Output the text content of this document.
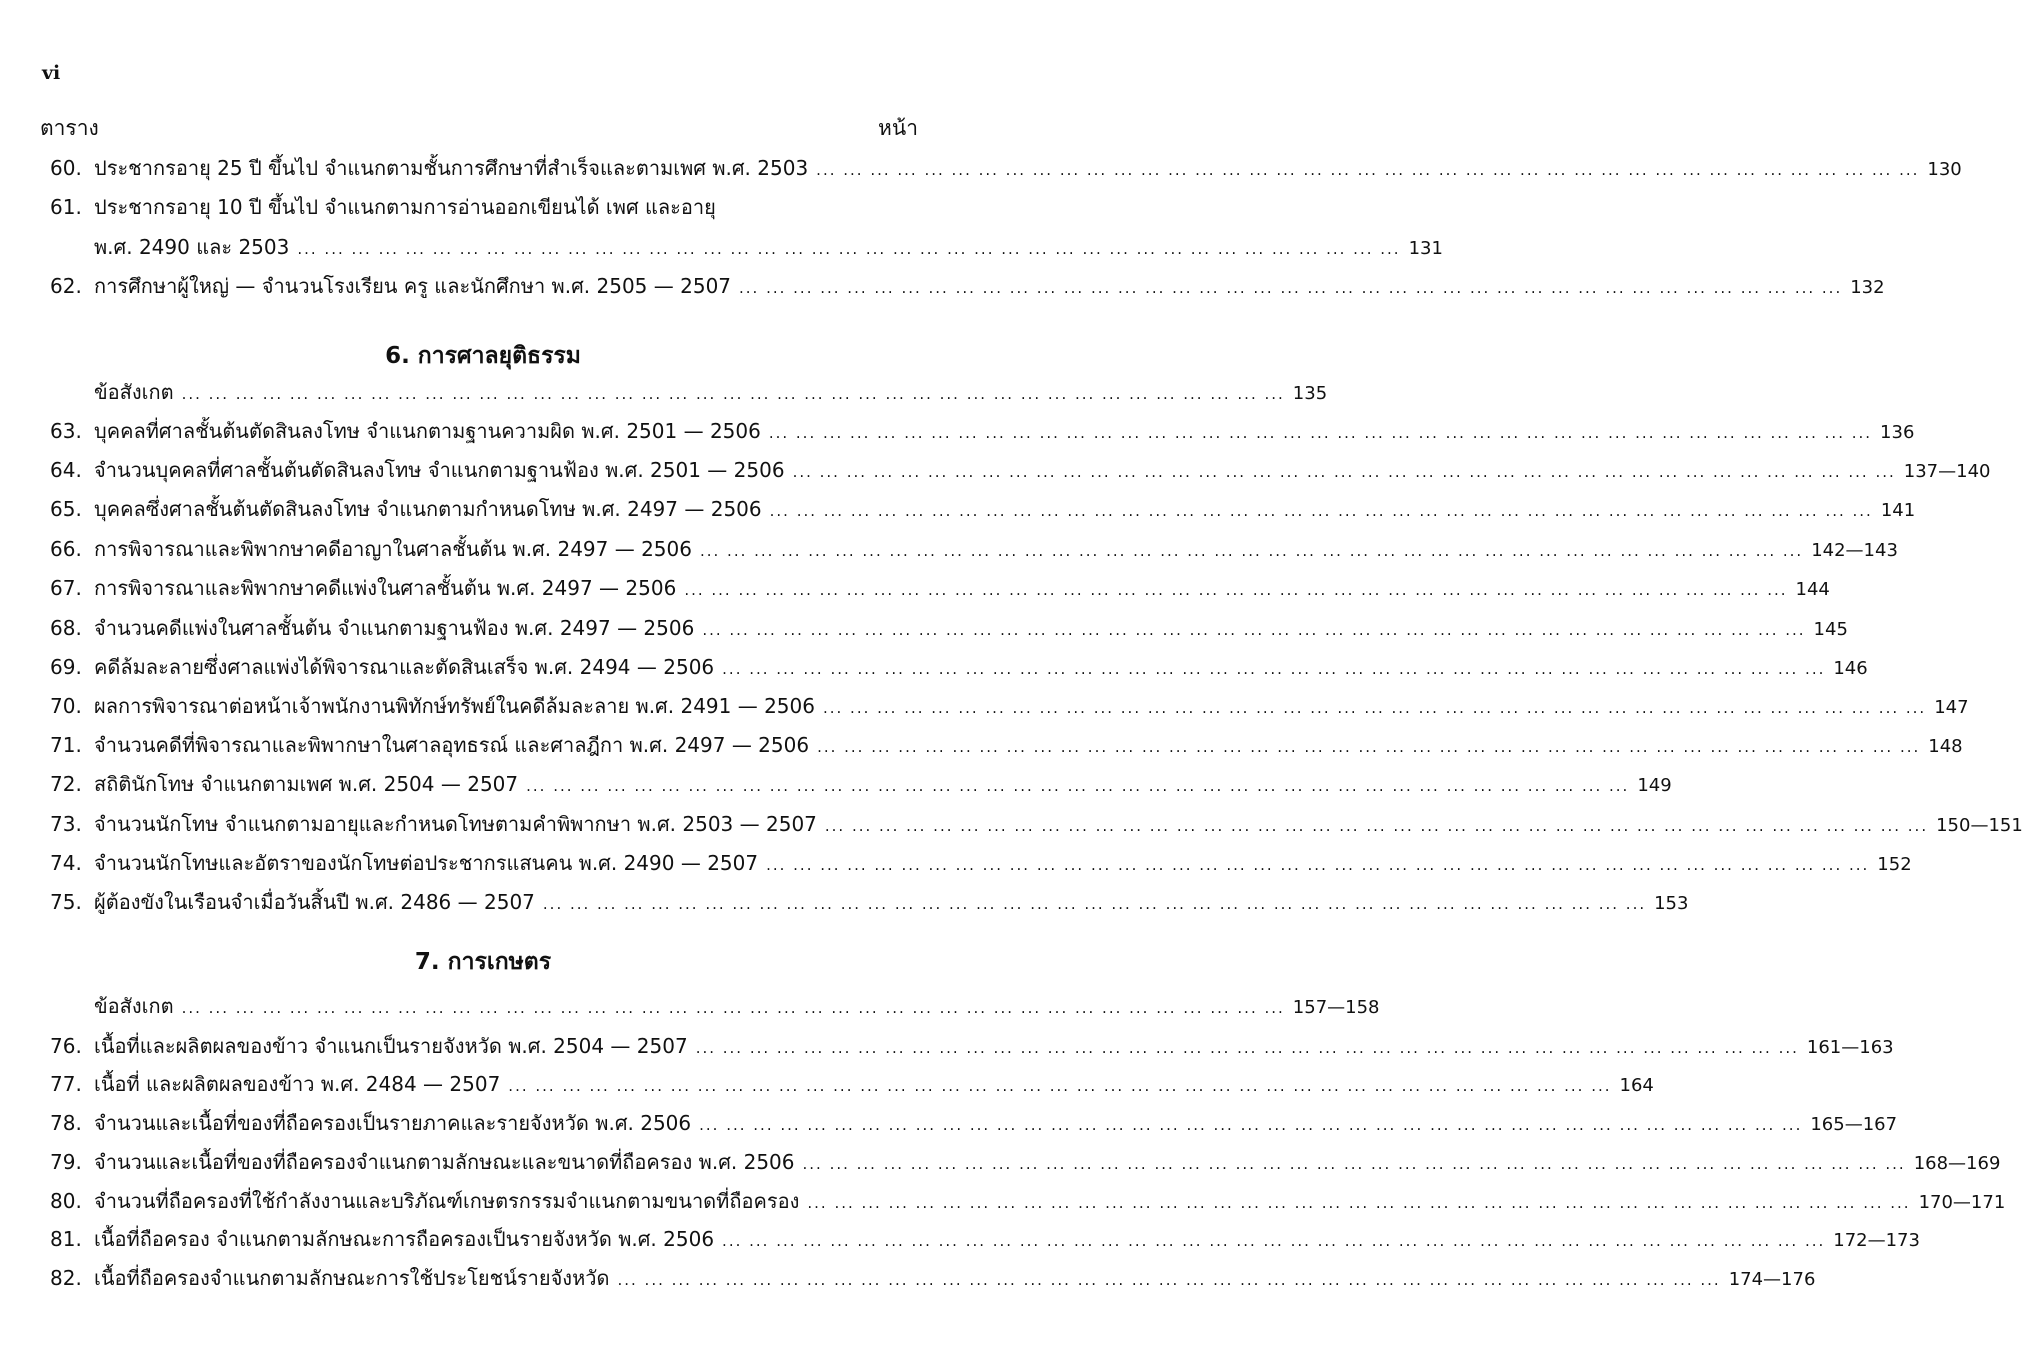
vi
ตาราง	หน้า
60. ประชากรอายุ 25 ปี ขึ้นไป จำแนกตามชั้นการศึกษาที่สำเร็จและตามเพศ พ.ศ. 2503 ... .	130
61. ประชากรอายุ 10 ปี ขึ้นไป จำแนกตามการอ่านออกเขียนได้ เพศ และอายุ
พ.ศ. 2490 และ 2503 ... .	131
62. การศึกษาผู้ใหญ่ — จำนวนโรงเรียน ครู และนักศึกษา พ.ศ. 2505 — 2507 ... .	132
6. การศาลยุติธรรม
ข้อสังเกต ... .	135
63. บุคคลที่ศาลชั้นต้นตัดสินลงโทษ จำแนกตามฐานความผิด พ.ศ. 2501 — 2506 ... .	136
64. จำนวนบุคคลที่ศาลชั้นต้นตัดสินลงโทษ จำแนกตามฐานฟ้อง พ.ศ. 2501 — 2506 ... .	137—140
65. บุคคลซึ่งศาลชั้นต้นตัดสินลงโทษ จำแนกตามกำหนดโทษ พ.ศ. 2497 — 2506 ... .	141
66. การพิจารณาและพิพากษาคดีอาญาในศาลชั้นต้น พ.ศ. 2497 — 2506 ... .	142—143
67. การพิจารณาและพิพากษาคดีแพ่งในศาลชั้นต้น พ.ศ. 2497 — 2506 ... .	144
68. จำนวนคดีแพ่งในศาลชั้นต้น จำแนกตามฐานฟ้อง พ.ศ. 2497 — 2506 ... .	145
69. คดีล้มละลายซึ่งศาลแพ่งได้พิจารณาและตัดสินเสร็จ พ.ศ. 2494 — 2506 ... .	146
70. ผลการพิจารณาต่อหน้าเจ้าพนักงานพิทักษ์ทรัพย์ในคดีล้มละลาย พ.ศ. 2491 — 2506 ... .	147
71. จำนวนคดีที่พิจารณาและพิพากษาในศาลอุทธรณ์ และศาลฎีกา พ.ศ. 2497 — 2506 ... .	148
72. สถิตินักโทษ จำแนกตามเพศ พ.ศ. 2504 — 2507 ... .	149
73. จำนวนนักโทษ จำแนกตามอายุและกำหนดโทษตามคำพิพากษา พ.ศ. 2503 — 2507 ... .	150—151
74. จำนวนนักโทษและอัตราของนักโทษต่อประชากรแสนคน พ.ศ. 2490 — 2507 ... .	152
75. ผู้ต้องขังในเรือนจำเมื่อวันสิ้นปี พ.ศ. 2486 — 2507 ... .	153
7. การเกษตร
ข้อสังเกต ... .	157—158
76. เนื้อที่และผลิตผลของข้าว จำแนกเป็นรายจังหวัด พ.ศ. 2504 — 2507 ... .	161—163
77. เนื้อที่ และผลิตผลของข้าว พ.ศ. 2484 — 2507 ... .	164
78. จำนวนและเนื้อที่ของที่ถือครองเป็นรายภาคและรายจังหวัด พ.ศ. 2506 ... .	165—167
79. จำนวนและเนื้อที่ของที่ถือครองจำแนกตามลักษณะและขนาดที่ถือครอง พ.ศ. 2506 ... .	168—169
80. จำนวนที่ถือครองที่ใช้กำลังงานและบริภัณฑ์เกษตรกรรมจำแนกตามขนาดที่ถือครอง ... .	170—171
81. เนื้อที่ถือครอง จำแนกตามลักษณะการถือครองเป็นรายจังหวัด พ.ศ. 2506 ... .	172—173
82. เนื้อที่ถือครองจำแนกตามลักษณะการใช้ประโยชน์รายจังหวัด ... .	174—176
